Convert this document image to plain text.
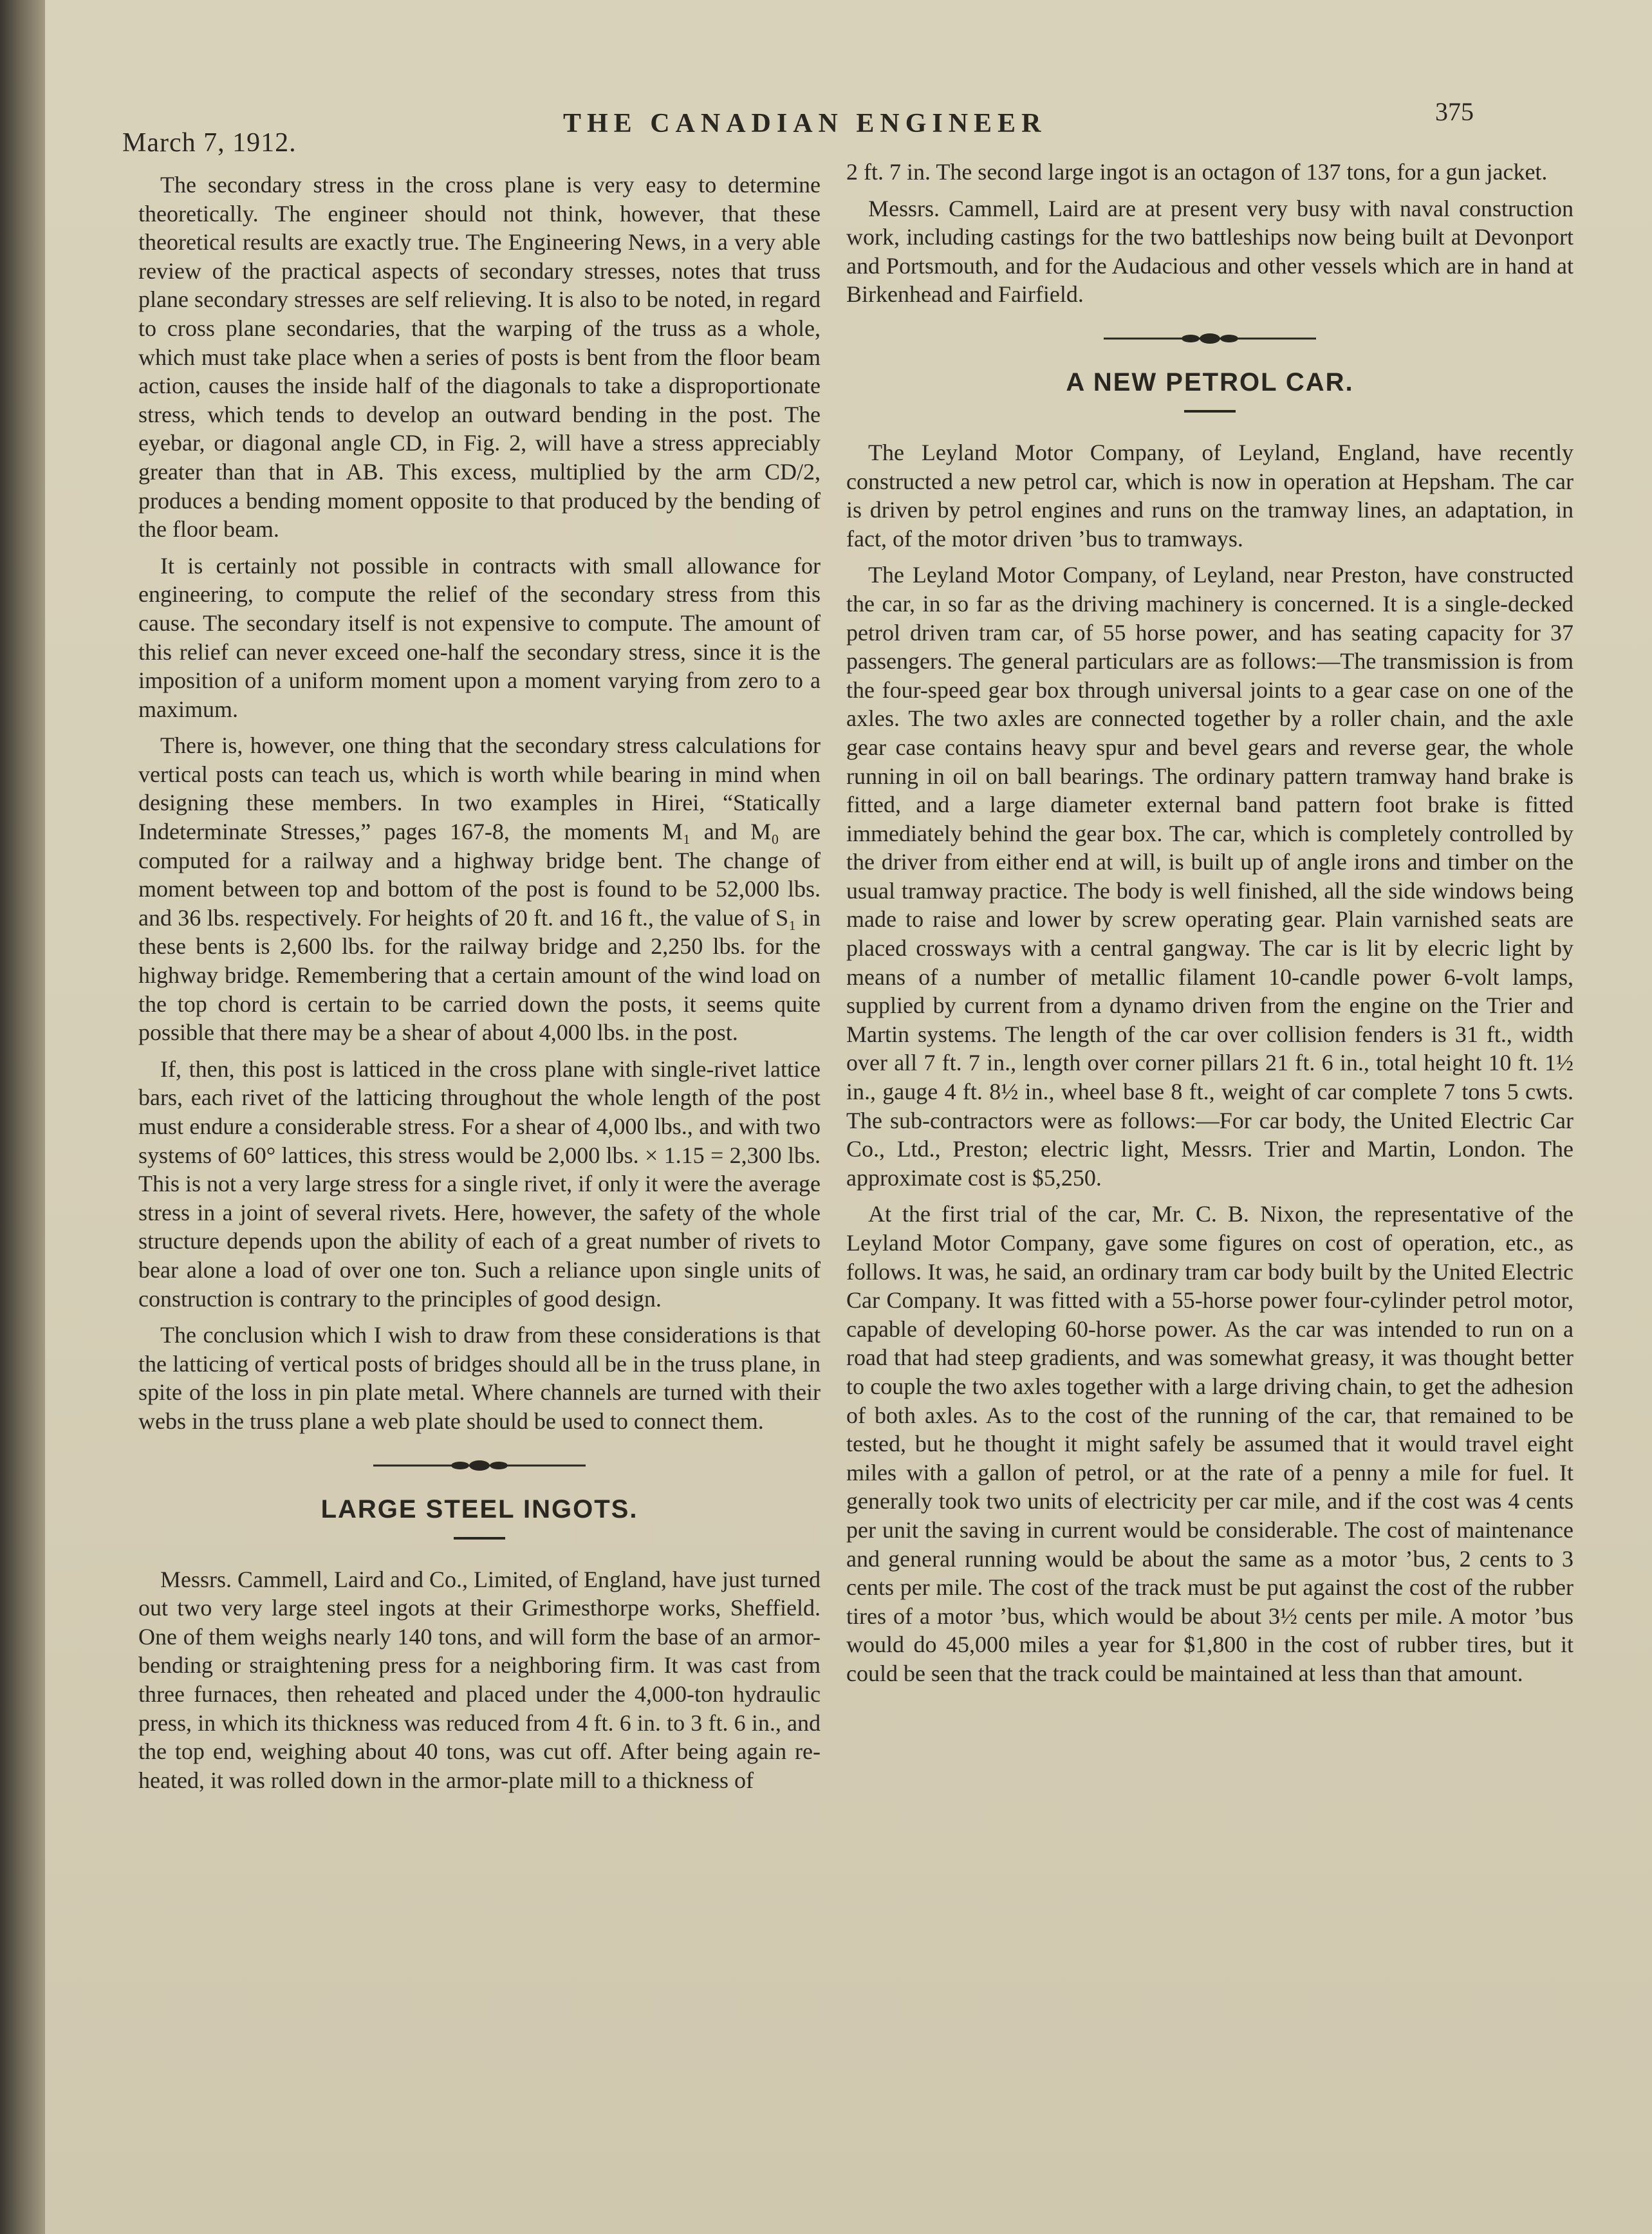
March 7, 1912.
THE CANADIAN ENGINEER	375

The secondary stress in the cross plane is very easy to determine theoretically. The engineer should not think, however, that these theoretical results are exactly true. The Engineering News, in a very able review of the practical aspects of secondary stresses, notes that truss plane secondary stresses are self relieving. It is also to be noted, in regard to cross plane secondaries, that the warping of the truss as a whole, which must take place when a series of posts is bent from the floor beam action, causes the inside half of the diagonals to take a disproportionate stress, which tends to develop an outward bending in the post. The eyebar, or diagonal angle CD, in Fig. 2, will have a stress appreciably greater than that in AB. This excess, multiplied by the arm CD/2, produces a bending moment opposite to that produced by the bending of the floor beam.

It is certainly not possible in contracts with small allowance for engineering, to compute the relief of the secondary stress from this cause. The secondary itself is not expensive to compute. The amount of this relief can never exceed one-half the secondary stress, since it is the imposition of a uniform moment upon a moment varying from zero to a maximum.

There is, however, one thing that the secondary stress calculations for vertical posts can teach us, which is worth while bearing in mind when designing these members. In two examples in Hirei, “Statically Indeterminate Stresses,” pages 167-8, the moments M₁ and M₀ are computed for a railway and a highway bridge bent. The change of moment between top and bottom of the post is found to be 52,000 lbs. and 36 lbs. respectively. For heights of 20 ft. and 16 ft., the value of S₁ in these bents is 2,600 lbs. for the railway bridge and 2,250 lbs. for the highway bridge. Remembering that a certain amount of the wind load on the top chord is certain to be carried down the posts, it seems quite possible that there may be a shear of about 4,000 lbs. in the post.

If, then, this post is latticed in the cross plane with single-rivet lattice bars, each rivet of the latticing throughout the whole length of the post must endure a considerable stress. For a shear of 4,000 lbs., and with two systems of 60° lattices, this stress would be 2,000 lbs. × 1.15 = 2,300 lbs. This is not a very large stress for a single rivet, if only it were the average stress in a joint of several rivets. Here, however, the safety of the whole structure depends upon the ability of each of a great number of rivets to bear alone a load of over one ton. Such a reliance upon single units of construction is contrary to the principles of good design.

The conclusion which I wish to draw from these considerations is that the latticing of vertical posts of bridges should all be in the truss plane, in spite of the loss in pin plate metal. Where channels are turned with their webs in the truss plane a web plate should be used to connect them.

LARGE STEEL INGOTS.

Messrs. Cammell, Laird and Co., Limited, of England, have just turned out two very large steel ingots at their Grimesthorpe works, Sheffield. One of them weighs nearly 140 tons, and will form the base of an armor-bending or straightening press for a neighboring firm. It was cast from three furnaces, then reheated and placed under the 4,000-ton hydraulic press, in which its thickness was reduced from 4 ft. 6 in. to 3 ft. 6 in., and the top end, weighing about 40 tons, was cut off. After being again re-heated, it was rolled down in the armor-plate mill to a thickness of

2 ft. 7 in. The second large ingot is an octagon of 137 tons, for a gun jacket.

Messrs. Cammell, Laird are at present very busy with naval construction work, including castings for the two battleships now being built at Devonport and Portsmouth, and for the Audacious and other vessels which are in hand at Birkenhead and Fairfield.

A NEW PETROL CAR.

The Leyland Motor Company, of Leyland, England, have recently constructed a new petrol car, which is now in operation at Hepsham. The car is driven by petrol engines and runs on the tramway lines, an adaptation, in fact, of the motor driven ’bus to tramways.

The Leyland Motor Company, of Leyland, near Preston, have constructed the car, in so far as the driving machinery is concerned. It is a single-decked petrol driven tram car, of 55 horse power, and has seating capacity for 37 passengers. The general particulars are as follows:—The transmission is from the four-speed gear box through universal joints to a gear case on one of the axles. The two axles are connected together by a roller chain, and the axle gear case contains heavy spur and bevel gears and reverse gear, the whole running in oil on ball bearings. The ordinary pattern tramway hand brake is fitted, and a large diameter external band pattern foot brake is fitted immediately behind the gear box. The car, which is completely controlled by the driver from either end at will, is built up of angle irons and timber on the usual tramway practice. The body is well finished, all the side windows being made to raise and lower by screw operating gear. Plain varnished seats are placed crossways with a central gangway. The car is lit by elecric light by means of a number of metallic filament 10-candle power 6-volt lamps, supplied by current from a dynamo driven from the engine on the Trier and Martin systems. The length of the car over collision fenders is 31 ft., width over all 7 ft. 7 in., length over corner pillars 21 ft. 6 in., total height 10 ft. 1½ in., gauge 4 ft. 8½ in., wheel base 8 ft., weight of car complete 7 tons 5 cwts. The sub-contractors were as follows:—For car body, the United Electric Car Co., Ltd., Preston; electric light, Messrs. Trier and Martin, London. The approximate cost is $5,250.

At the first trial of the car, Mr. C. B. Nixon, the representative of the Leyland Motor Company, gave some figures on cost of operation, etc., as follows. It was, he said, an ordinary tram car body built by the United Electric Car Company. It was fitted with a 55-horse power four-cylinder petrol motor, capable of developing 60-horse power. As the car was intended to run on a road that had steep gradients, and was somewhat greasy, it was thought better to couple the two axles together with a large driving chain, to get the adhesion of both axles. As to the cost of the running of the car, that remained to be tested, but he thought it might safely be assumed that it would travel eight miles with a gallon of petrol, or at the rate of a penny a mile for fuel. It generally took two units of electricity per car mile, and if the cost was 4 cents per unit the saving in current would be considerable. The cost of maintenance and general running would be about the same as a motor ’bus, 2 cents to 3 cents per mile. The cost of the track must be put against the cost of the rubber tires of a motor ’bus, which would be about 3½ cents per mile. A motor ’bus would do 45,000 miles a year for $1,800 in the cost of rubber tires, but it could be seen that the track could be maintained at less than that amount.
